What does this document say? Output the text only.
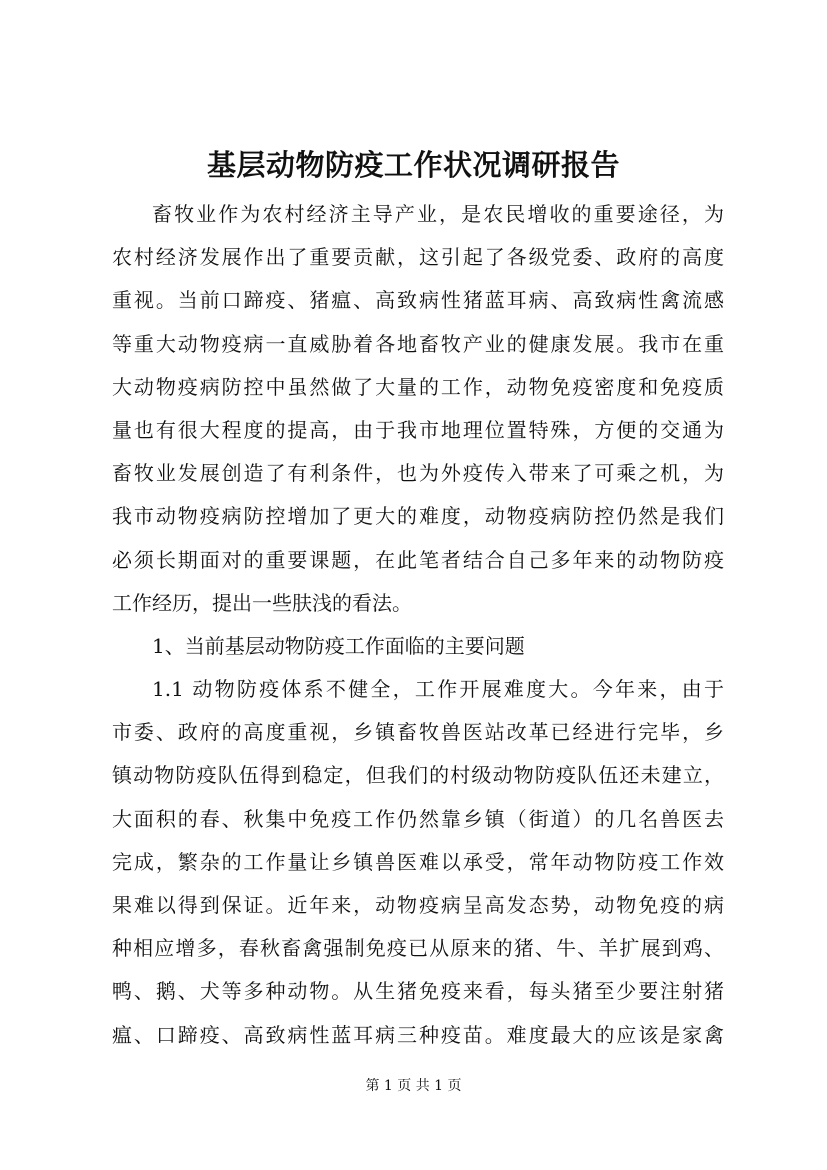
基层动物防疫工作状况调研报告
畜牧业作为农村经济主导产业，是农民增收的重要途径，为
农村经济发展作出了重要贡献，这引起了各级党委、政府的高度
重视。当前口蹄疫、猪瘟、高致病性猪蓝耳病、高致病性禽流感
等重大动物疫病一直威胁着各地畜牧产业的健康发展。我市在重
大动物疫病防控中虽然做了大量的工作，动物免疫密度和免疫质
量也有很大程度的提高，由于我市地理位置特殊，方便的交通为
畜牧业发展创造了有利条件，也为外疫传入带来了可乘之机，为
我市动物疫病防控增加了更大的难度，动物疫病防控仍然是我们
必须长期面对的重要课题，在此笔者结合自己多年来的动物防疫
工作经历，提出一些肤浅的看法。
1、当前基层动物防疫工作面临的主要问题
1.1 动物防疫体系不健全，工作开展难度大。今年来，由于
市委、政府的高度重视，乡镇畜牧兽医站改革已经进行完毕，乡
镇动物防疫队伍得到稳定，但我们的村级动物防疫队伍还未建立，
大面积的春、秋集中免疫工作仍然靠乡镇（街道）的几名兽医去
完成，繁杂的工作量让乡镇兽医难以承受，常年动物防疫工作效
果难以得到保证。近年来，动物疫病呈高发态势，动物免疫的病
种相应增多，春秋畜禽强制免疫已从原来的猪、牛、羊扩展到鸡、
鸭、鹅、犬等多种动物。从生猪免疫来看，每头猪至少要注射猪
瘟、口蹄疫、高致病性蓝耳病三种疫苗。难度最大的应该是家禽
第 1 页 共 1 页
